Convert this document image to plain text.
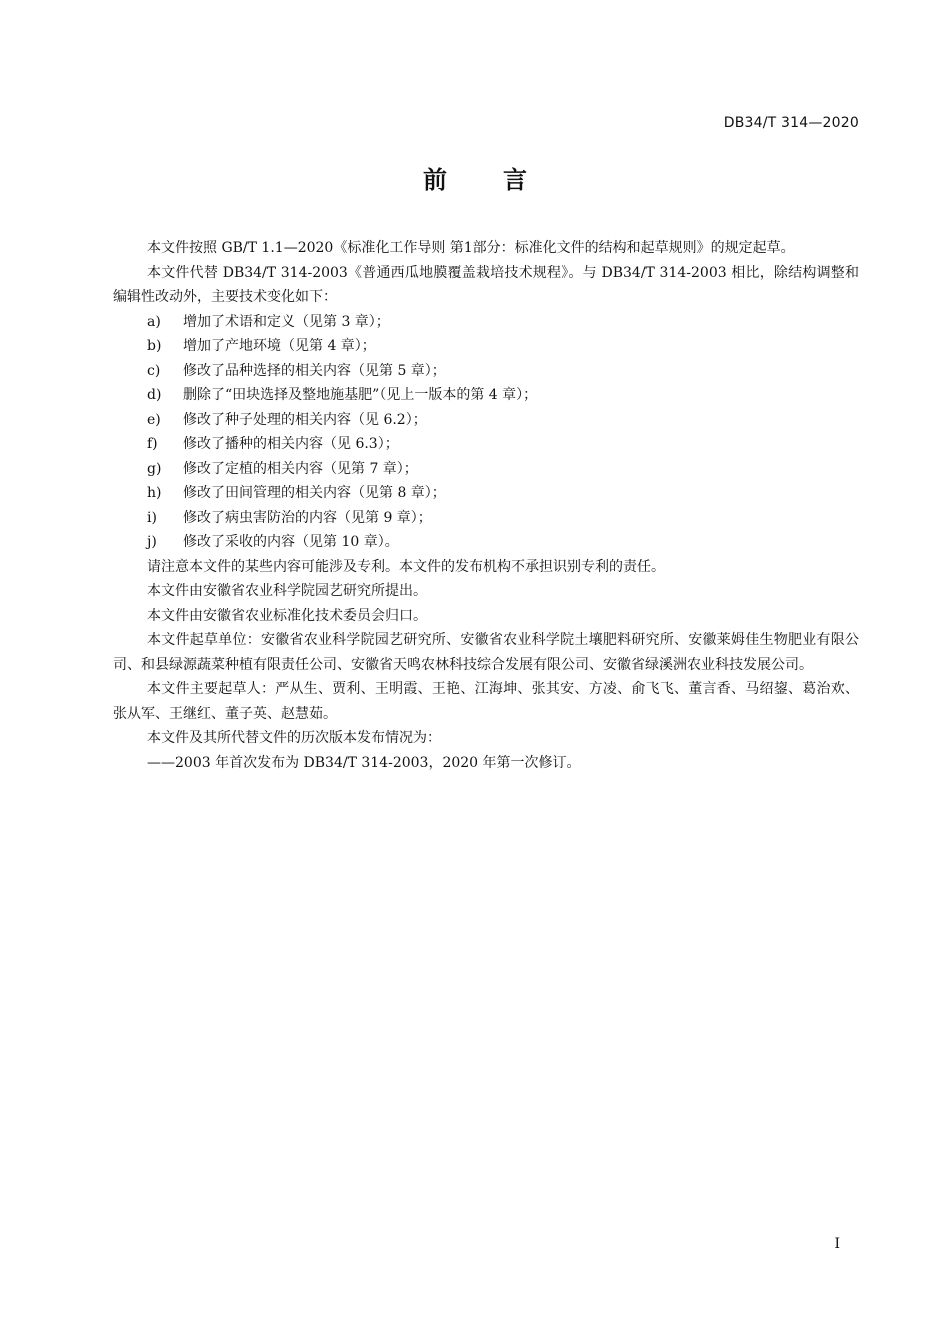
DB34/T 314—2020
前 言

本文件按照 GB/T 1.1—2020《标准化工作导则 第1部分：标准化文件的结构和起草规则》的规定起草。

本文件代替 DB34/T 314-2003《普通西瓜地膜覆盖栽培技术规程》。与 DB34/T 314-2003 相比，除结构调整和编辑性改动外，主要技术变化如下：

a) 增加了术语和定义（见第 3 章）；

b) 增加了产地环境（见第 4 章）；

c) 修改了品种选择的相关内容（见第 5 章）；

d) 删除了“田块选择及整地施基肥”（见上一版本的第 4 章）；

e) 修改了种子处理的相关内容（见 6.2）；

f) 修改了播种的相关内容（见 6.3）；

g) 修改了定植的相关内容（见第 7 章）；

h) 修改了田间管理的相关内容（见第 8 章）；

i) 修改了病虫害防治的内容（见第 9 章）；

j) 修改了采收的内容（见第 10 章）。

请注意本文件的某些内容可能涉及专利。本文件的发布机构不承担识别专利的责任。

本文件由安徽省农业科学院园艺研究所提出。

本文件由安徽省农业标准化技术委员会归口。

本文件起草单位：安徽省农业科学院园艺研究所、安徽省农业科学院土壤肥料研究所、安徽莱姆佳生物肥业有限公司、和县绿源蔬菜种植有限责任公司、安徽省天鸣农林科技综合发展有限公司、安徽省绿溪洲农业科技发展公司。

本文件主要起草人：严从生、贾利、王明霞、王艳、江海坤、张其安、方凌、俞飞飞、董言香、马绍鋆、葛治欢、张从军、王继红、董子英、赵慧茹。

本文件及其所代替文件的历次版本发布情况为：

——2003 年首次发布为 DB34/T 314-2003，2020 年第一次修订。

I
